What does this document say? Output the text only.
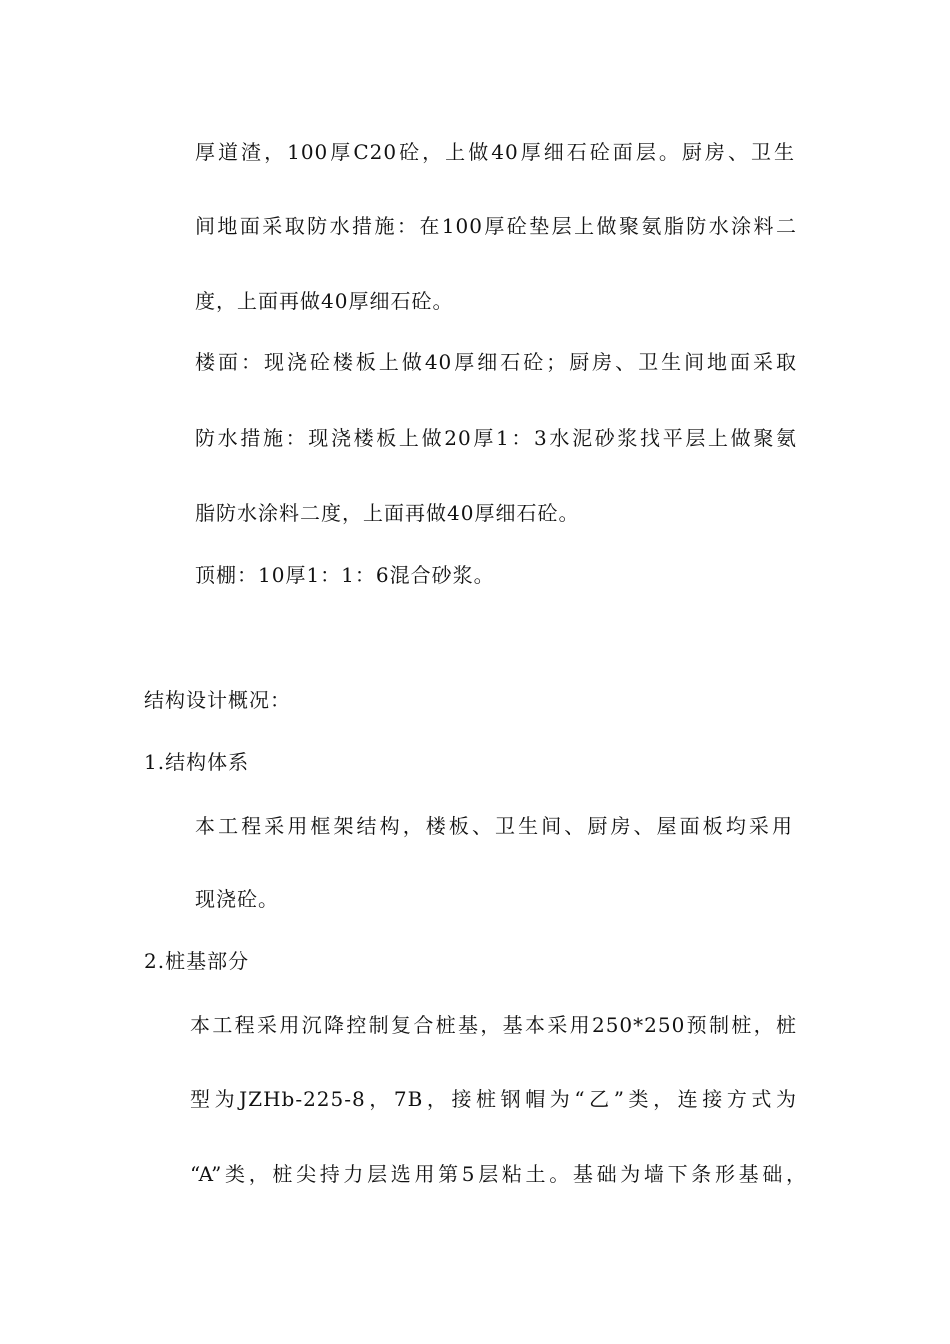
厚道渣，100厚C20砼，上做40厚细石砼面层。厨房、卫生
间地面采取防水措施：在100厚砼垫层上做聚氨脂防水涂料二
度，上面再做40厚细石砼。
楼面：现浇砼楼板上做40厚细石砼；厨房、卫生间地面采取
防水措施：现浇楼板上做20厚1：3水泥砂浆找平层上做聚氨
脂防水涂料二度，上面再做40厚细石砼。
顶棚：10厚1：1：6混合砂浆。
结构设计概况：
1.结构体系
本工程采用框架结构，楼板、卫生间、厨房、屋面板均采用
现浇砼。
2.桩基部分
本工程采用沉降控制复合桩基，基本采用250*250预制桩，桩
型为JZHb-225-8，7B，接桩钢帽为“乙”类，连接方式为
“A”类，桩尖持力层选用第5层粘土。基础为墙下条形基础，
